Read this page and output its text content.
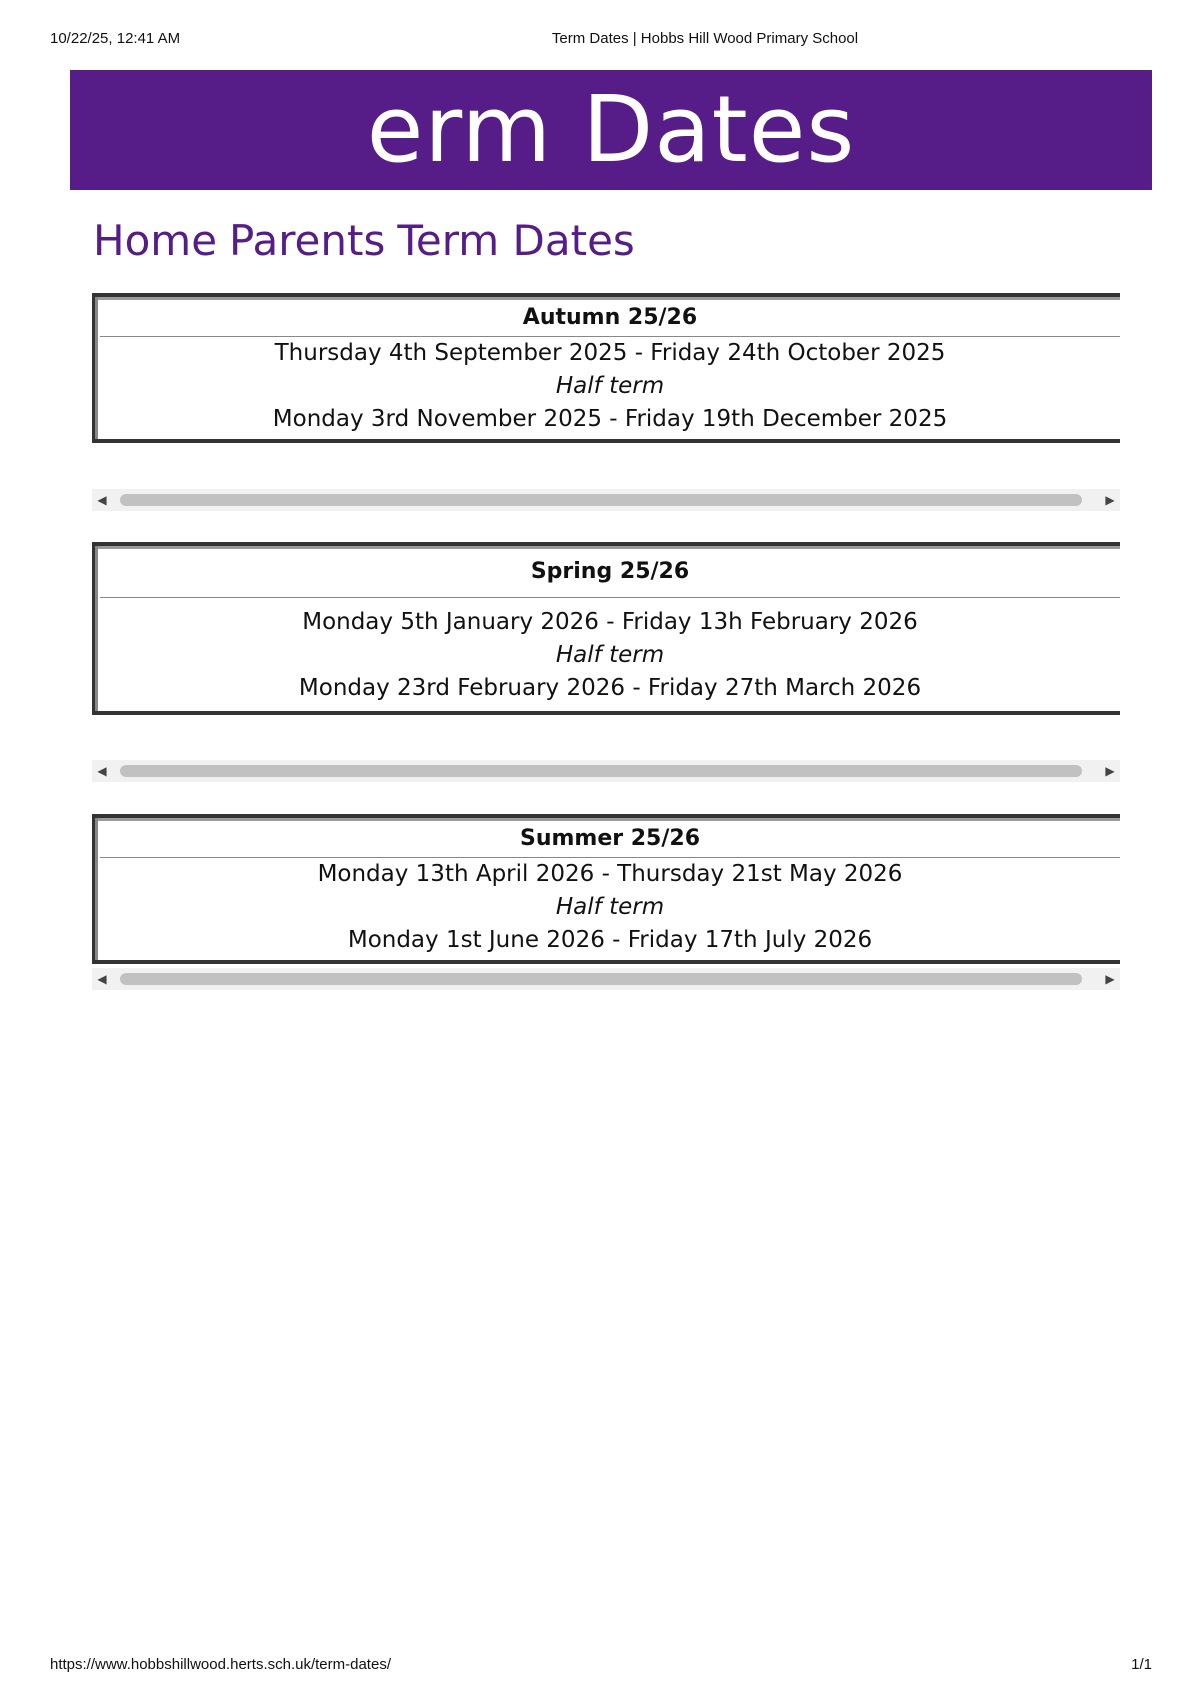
10/22/25, 12:41 AM	Term Dates | Hobbs Hill Wood Primary School
erm Dates
Home Parents Term Dates
Autumn 25/26
Thursday 4th September 2025 - Friday 24th October 2025
Half term
Monday 3rd November 2025 - Friday 19th December 2025
◀	▶
Spring 25/26
Monday 5th January 2026 - Friday 13h February 2026
Half term
Monday 23rd February 2026 - Friday 27th March 2026
◀	▶
Summer 25/26
Monday 13th April 2026 - Thursday 21st May 2026
Half term
Monday 1st June 2026 - Friday 17th July 2026
◀	▶
https://www.hobbshillwood.herts.sch.uk/term-dates/	1/1
